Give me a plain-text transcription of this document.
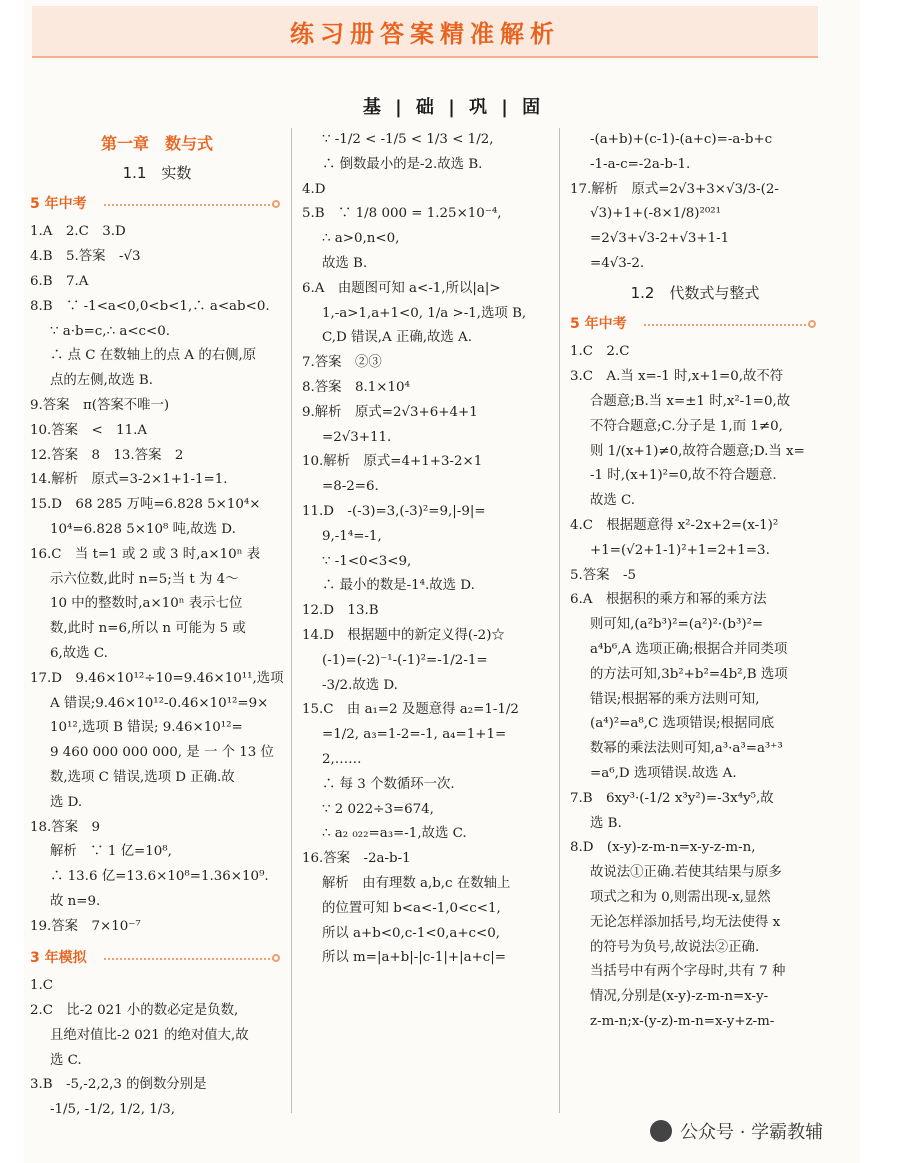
练习册答案精准解析
基 | 础 | 巩 | 固
第一章　数与式
1.1　实数
5 年中考
1.A　2.C　3.D
4.B　5.答案　-√3
6.B　7.A
8.B　∵ -1<a<0,0<b<1,∴ a<ab<0.
∵ a·b=c,∴ a<c<0.
∴ 点 C 在数轴上的点 A 的右侧,原
点的左侧,故选 B.
9.答案　π(答案不唯一)
10.答案　<　11.A
12.答案　8　13.答案　2
14.解析　原式=3-2×1+1-1=1.
15.D　68 285 万吨=6.828 5×10⁴×
10⁴=6.828 5×10⁸ 吨,故选 D.
16.C　当 t=1 或 2 或 3 时,a×10ⁿ 表
示六位数,此时 n=5;当 t 为 4～
10 中的整数时,a×10ⁿ 表示七位
数,此时 n=6,所以 n 可能为 5 或
6,故选 C.
17.D　9.46×10¹²÷10=9.46×10¹¹,选项
A 错误;9.46×10¹²-0.46×10¹²=9×
10¹²,选项 B 错误; 9.46×10¹²=
9 460 000 000 000, 是 一 个 13 位
数,选项 C 错误,选项 D 正确.故
选 D.
18.答案　9
解析　∵ 1 亿=10⁸,
∴ 13.6 亿=13.6×10⁸=1.36×10⁹.
故 n=9.
19.答案　7×10⁻⁷
3 年模拟
1.C
2.C　比-2 021 小的数必定是负数,
且绝对值比-2 021 的绝对值大,故
选 C.
3.B　-5,-2,2,3 的倒数分别是
-1/5, -1/2, 1/2, 1/3,
∵ -1/2 < -1/5 < 1/3 < 1/2,
∴ 倒数最小的是-2.故选 B.
4.D
5.B　∵ 1/8 000 = 1.25×10⁻⁴,
∴ a>0,n<0,
故选 B.
6.A　由题图可知 a<-1,所以|a|>
1,-a>1,a+1<0, 1/a >-1,选项 B,
C,D 错误,A 正确,故选 A.
7.答案　②③
8.答案　8.1×10⁴
9.解析　原式=2√3+6+4+1
=2√3+11.
10.解析　原式=4+1+3-2×1
=8-2=6.
11.D　-(-3)=3,(-3)²=9,|-9|=
9,-1⁴=-1,
∵ -1<0<3<9,
∴ 最小的数是-1⁴.故选 D.
12.D　13.B
14.D　根据题中的新定义得(-2)☆
(-1)=(-2)⁻¹-(-1)²=-1/2-1=
-3/2.故选 D.
15.C　由 a₁=2 及题意得 a₂=1-1/2
=1/2, a₃=1-2=-1, a₄=1+1=
2,……
∴ 每 3 个数循环一次.
∵ 2 022÷3=674,
∴ a₂ ₀₂₂=a₃=-1,故选 C.
16.答案　-2a-b-1
解析　由有理数 a,b,c 在数轴上
的位置可知 b<a<-1,0<c<1,
所以 a+b<0,c-1<0,a+c<0,
所以 m=|a+b|-|c-1|+|a+c|=
-(a+b)+(c-1)-(a+c)=-a-b+c
-1-a-c=-2a-b-1.
17.解析　原式=2√3+3×√3/3-(2-
√3)+1+(-8×1/8)²⁰²¹
=2√3+√3-2+√3+1-1
=4√3-2.
1.2　代数式与整式
5 年中考
1.C　2.C
3.C　A.当 x=-1 时,x+1=0,故不符
合题意;B.当 x=±1 时,x²-1=0,故
不符合题意;C.分子是 1,而 1≠0,
则 1/(x+1)≠0,故符合题意;D.当 x=
-1 时,(x+1)²=0,故不符合题意.
故选 C.
4.C　根据题意得 x²-2x+2=(x-1)²
+1=(√2+1-1)²+1=2+1=3.
5.答案　-5
6.A　根据积的乘方和幂的乘方法
则可知,(a²b³)²=(a²)²·(b³)²=
a⁴b⁶,A 选项正确;根据合并同类项
的方法可知,3b²+b²=4b²,B 选项
错误;根据幂的乘方法则可知,
(a⁴)²=a⁸,C 选项错误;根据同底
数幂的乘法法则可知,a³·a³=a³⁺³
=a⁶,D 选项错误.故选 A.
7.B　6xy³·(-1/2 x³y²)=-3x⁴y⁵,故
选 B.
8.D　(x-y)-z-m-n=x-y-z-m-n,
故说法①正确.若使其结果与原多
项式之和为 0,则需出现-x,显然
无论怎样添加括号,均无法使得 x
的符号为负号,故说法②正确.
当括号中有两个字母时,共有 7 种
情况,分别是(x-y)-z-m-n=x-y-
z-m-n;x-(y-z)-m-n=x-y+z-m-
公众号 · 学霸教辅
